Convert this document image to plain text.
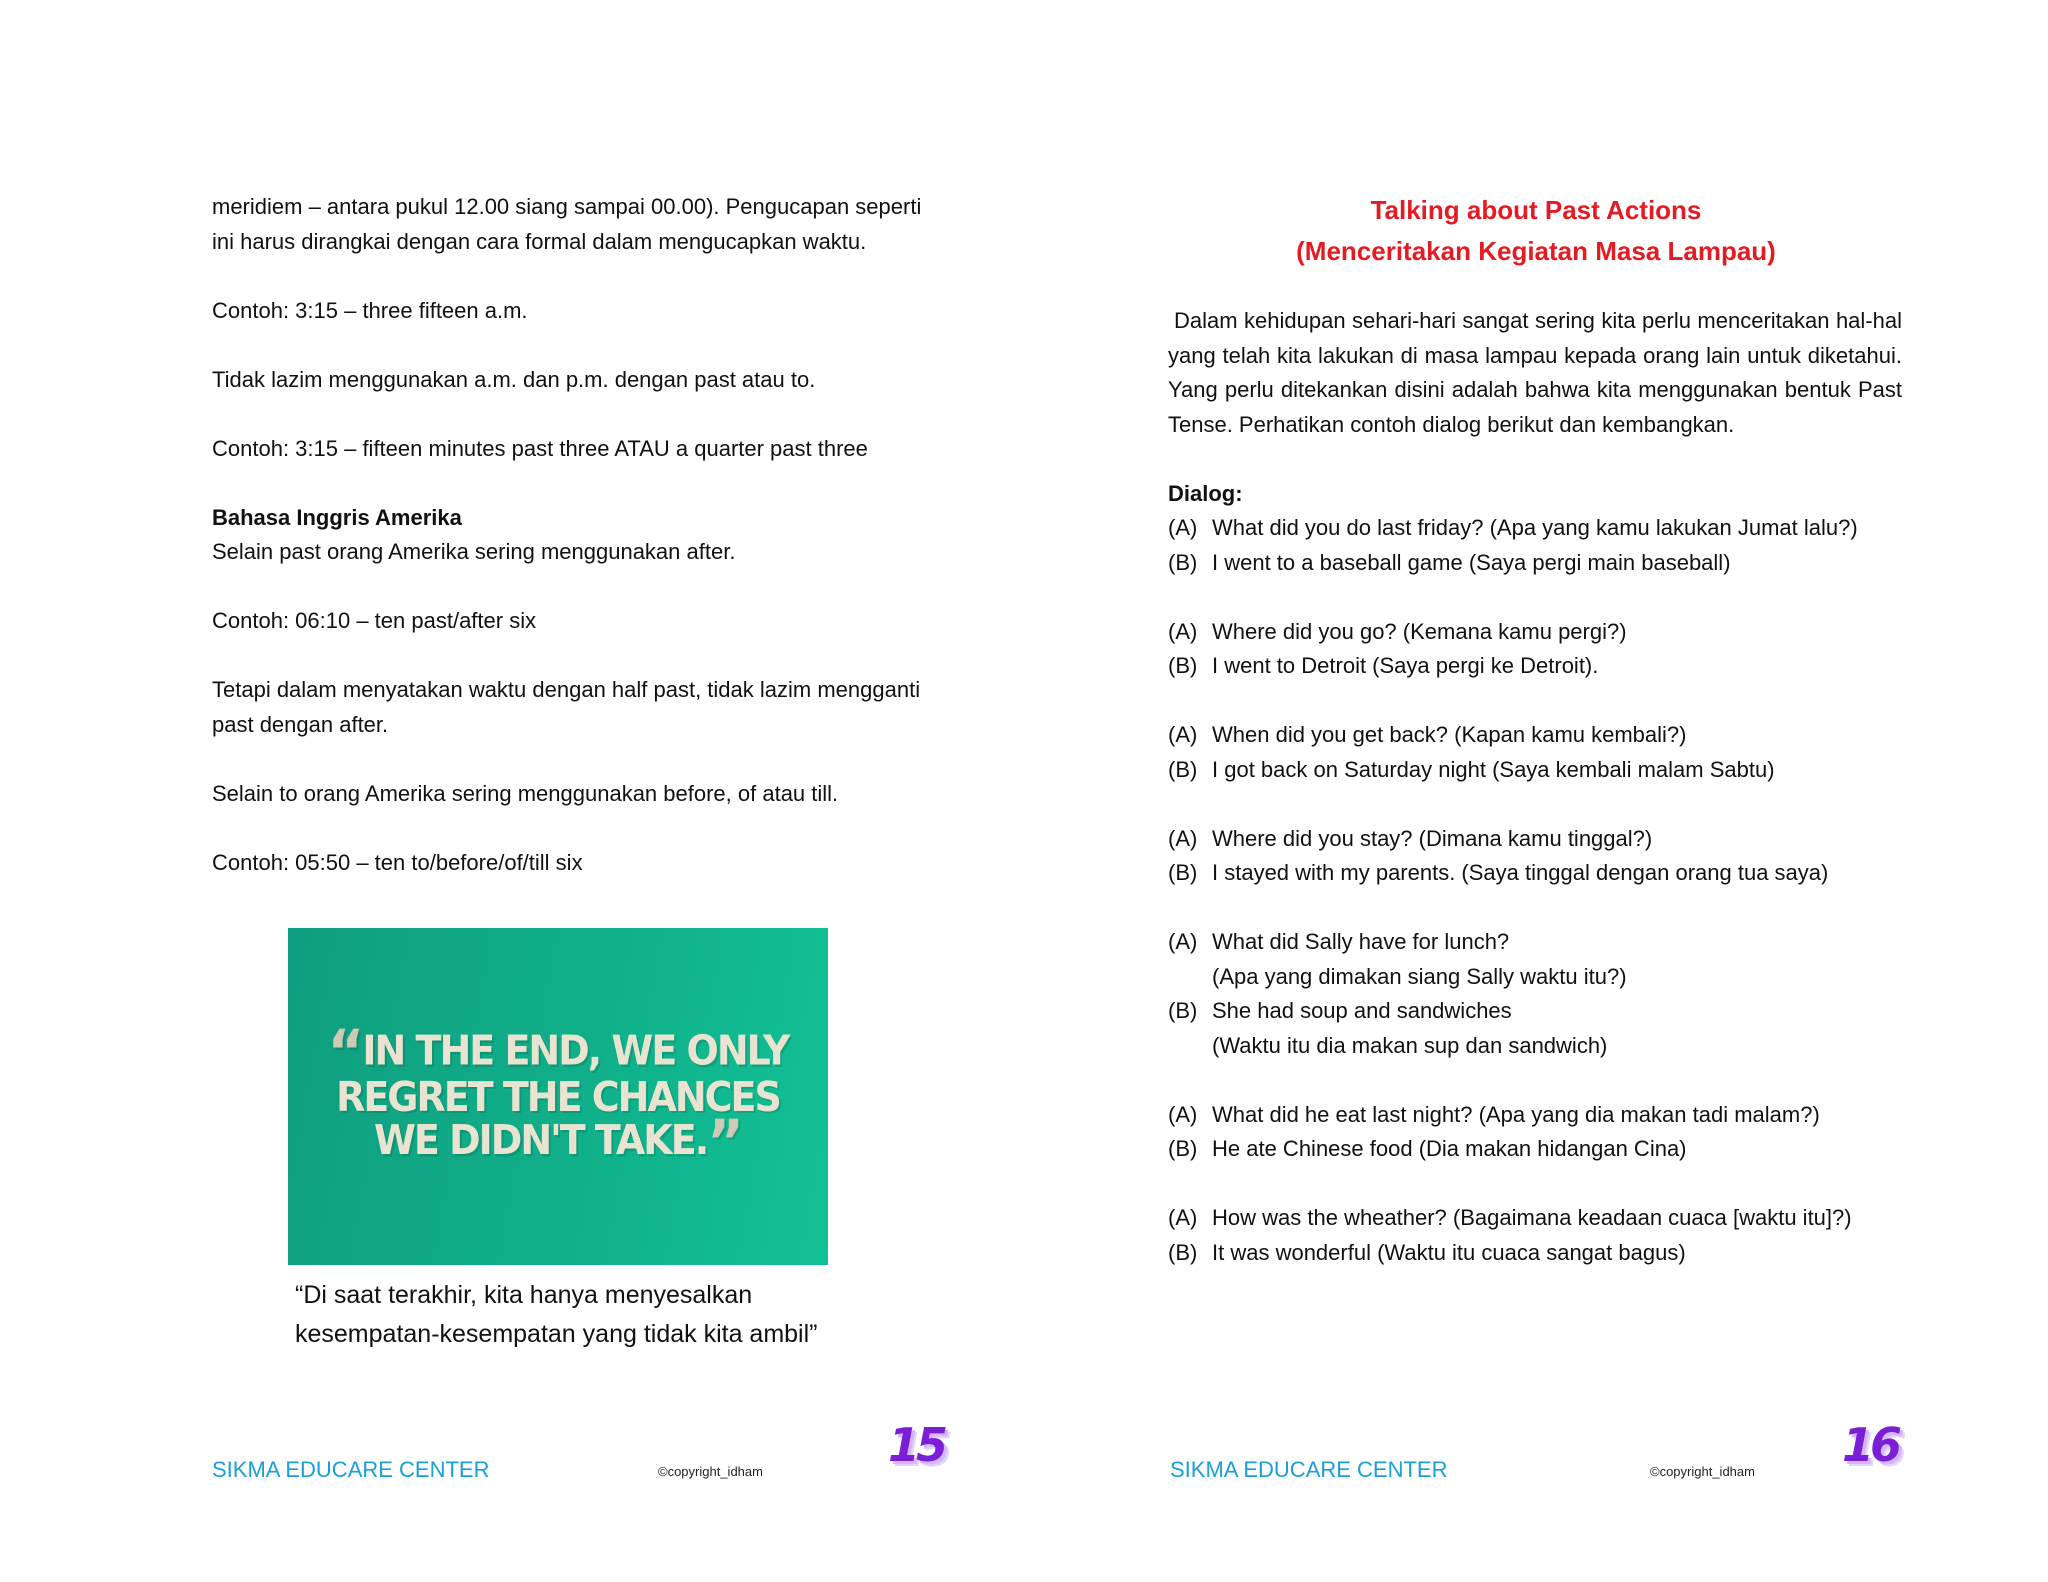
meridiem – antara pukul 12.00 siang sampai 00.00). Pengucapan seperti
ini harus dirangkai dengan cara formal dalam mengucapkan waktu.

Contoh: 3:15 – three fifteen a.m.

Tidak lazim menggunakan a.m. dan p.m. dengan past atau to.

Contoh: 3:15 – fifteen minutes past three ATAU a quarter past three

Bahasa Inggris Amerika
Selain past orang Amerika sering menggunakan after.

Contoh: 06:10 – ten past/after six

Tetapi dalam menyatakan waktu dengan half past, tidak lazim mengganti
past dengan after.

Selain to orang Amerika sering menggunakan before, of atau till.

Contoh: 05:50 – ten to/before/of/till six

“IN THE END, WE ONLY
REGRET THE CHANCES
WE DIDN'T TAKE.”
“Di saat terakhir, kita hanya menyesalkan
kesempatan-kesempatan yang tidak kita ambil”
SIKMA EDUCARE CENTER	©copyright_idham	15
Talking about Past Actions
(Menceritakan Kegiatan Masa Lampau)

Dalam kehidupan sehari-hari sangat sering kita perlu menceritakan hal-hal yang telah kita lakukan di masa lampau kepada orang lain untuk diketahui. Yang perlu ditekankan disini adalah bahwa kita menggunakan bentuk Past Tense. Perhatikan contoh dialog berikut dan kembangkan.

Dialog:

(A) What did you do last friday? (Apa yang kamu lakukan Jumat lalu?)
(B) I went to a baseball game (Saya pergi main baseball)
(A) Where did you go? (Kemana kamu pergi?)
(B) I went to Detroit (Saya pergi ke Detroit).
(A) When did you get back? (Kapan kamu kembali?)
(B) I got back on Saturday night (Saya kembali malam Sabtu)
(A) Where did you stay? (Dimana kamu tinggal?)
(B) I stayed with my parents. (Saya tinggal dengan orang tua saya)
(A) What did Sally have for lunch?
(Apa yang dimakan siang Sally waktu itu?)
(B) She had soup and sandwiches
(Waktu itu dia makan sup dan sandwich)
(A) What did he eat last night? (Apa yang dia makan tadi malam?)
(B) He ate Chinese food (Dia makan hidangan Cina)
(A) How was the wheather? (Bagaimana keadaan cuaca [waktu itu]?)
(B) It was wonderful (Waktu itu cuaca sangat bagus)
SIKMA EDUCARE CENTER	©copyright_idham 16
